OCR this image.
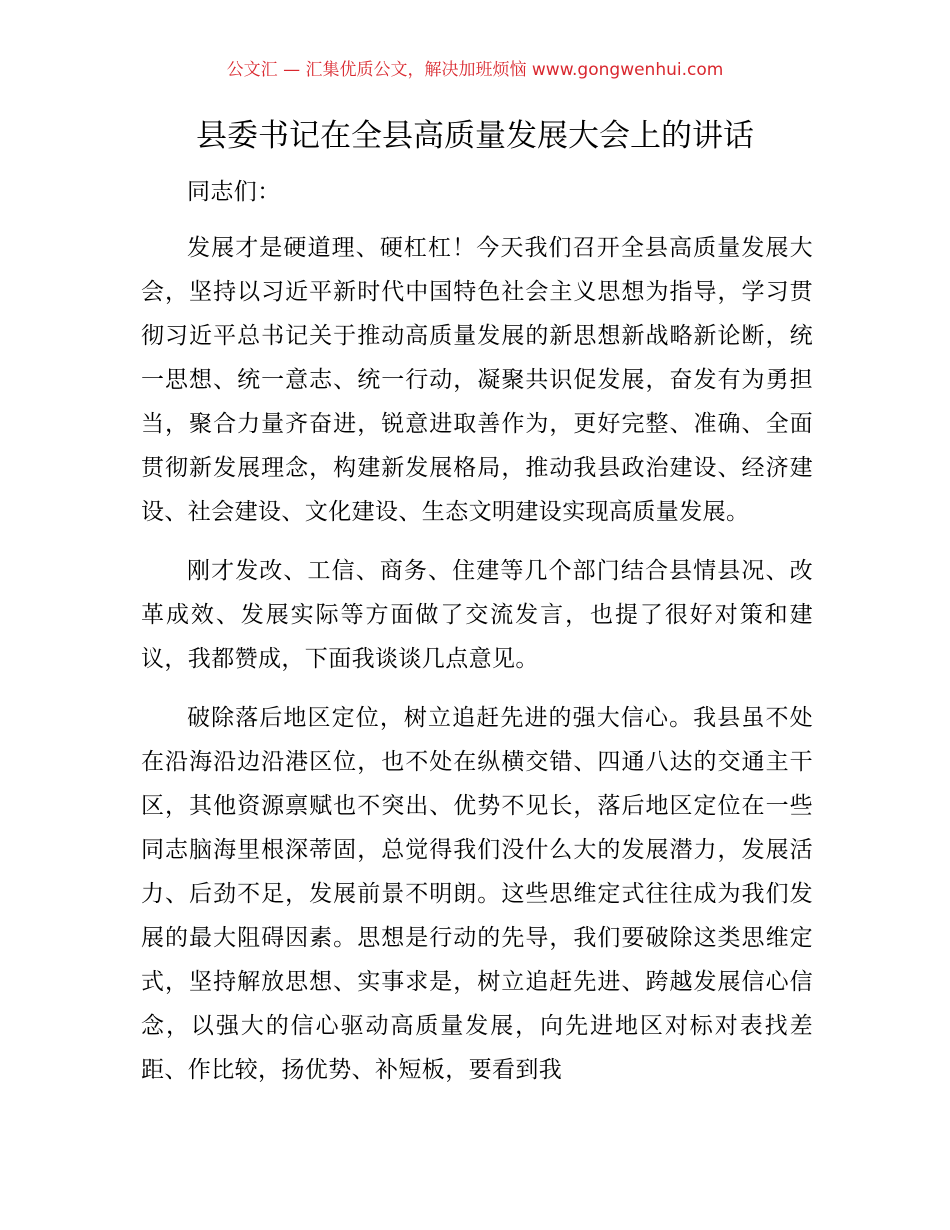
公文汇 — 汇集优质公文，解决加班烦恼 www.gongwenhui.com
县委书记在全县高质量发展大会上的讲话

同志们：

发展才是硬道理、硬杠杠！今天我们召开全县高质量发展大会，坚持以习近平新时代中国特色社会主义思想为指导，学习贯彻习近平总书记关于推动高质量发展的新思想新战略新论断，统一思想、统一意志、统一行动，凝聚共识促发展，奋发有为勇担当，聚合力量齐奋进，锐意进取善作为，更好完整、准确、全面贯彻新发展理念，构建新发展格局，推动我县政治建设、经济建设、社会建设、文化建设、生态文明建设实现高质量发展。

刚才发改、工信、商务、住建等几个部门结合县情县况、改革成效、发展实际等方面做了交流发言，也提了很好对策和建议，我都赞成，下面我谈谈几点意见。

破除落后地区定位，树立追赶先进的强大信心。我县虽不处在沿海沿边沿港区位，也不处在纵横交错、四通八达的交通主干区，其他资源禀赋也不突出、优势不见长，落后地区定位在一些同志脑海里根深蒂固，总觉得我们没什么大的发展潜力，发展活力、后劲不足，发展前景不明朗。这些思维定式往往成为我们发展的最大阻碍因素。思想是行动的先导，我们要破除这类思维定式，坚持解放思想、实事求是，树立追赶先进、跨越发展信心信念，以强大的信心驱动高质量发展，向先进地区对标对表找差距、作比较，扬优势、补短板，要看到我
